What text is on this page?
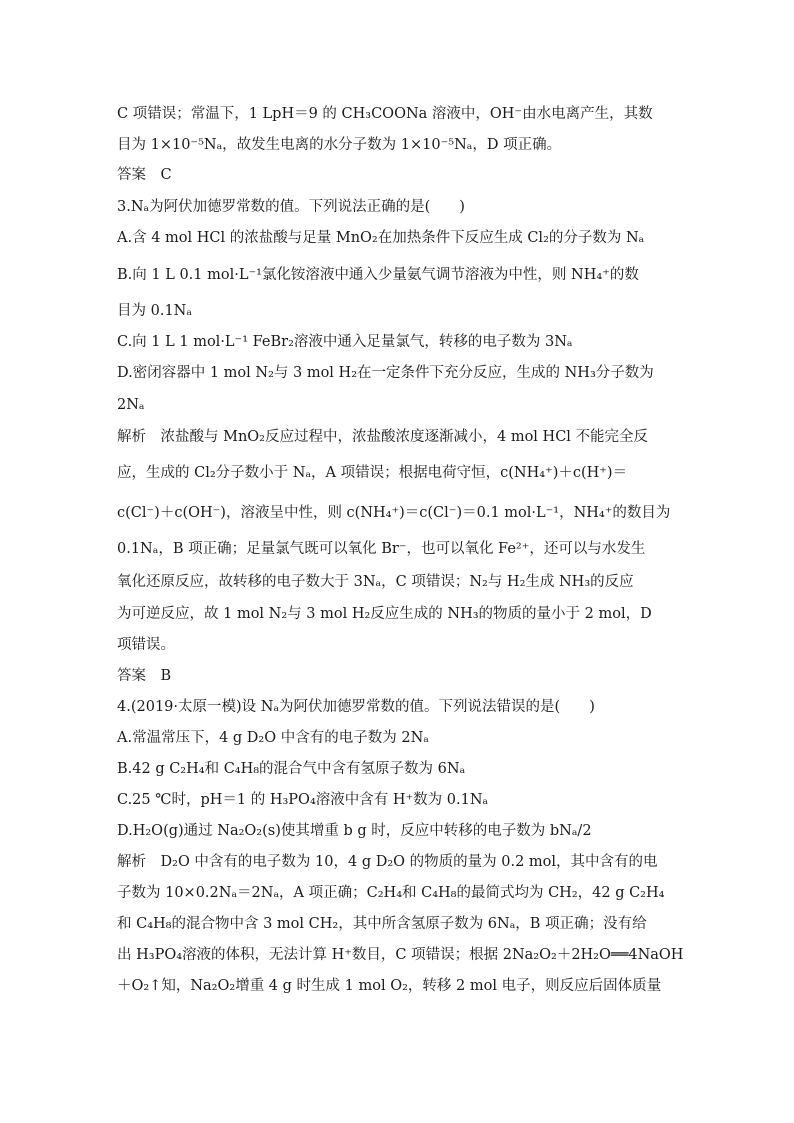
C 项错误；常温下，1 LpH＝9 的 CH₃COONa 溶液中，OH⁻由水电离产生，其数
目为 1×10⁻⁵Nₐ，故发生电离的水分子数为 1×10⁻⁵Nₐ，D 项正确。
答案　C
3.Nₐ为阿伏加德罗常数的值。下列说法正确的是(　　)
A.含 4 mol HCl 的浓盐酸与足量 MnO₂在加热条件下反应生成 Cl₂的分子数为 Nₐ
B.向 1 L 0.1 mol·L⁻¹氯化铵溶液中通入少量氨气调节溶液为中性，则 NH₄⁺的数
目为 0.1Nₐ
C.向 1 L 1 mol·L⁻¹ FeBr₂溶液中通入足量氯气，转移的电子数为 3Nₐ
D.密闭容器中 1 mol N₂与 3 mol H₂在一定条件下充分反应，生成的 NH₃分子数为
2Nₐ
解析　浓盐酸与 MnO₂反应过程中，浓盐酸浓度逐渐减小，4 mol HCl 不能完全反
应，生成的 Cl₂分子数小于 Nₐ，A 项错误；根据电荷守恒，c(NH₄⁺)＋c(H⁺)＝
c(Cl⁻)＋c(OH⁻)，溶液呈中性，则 c(NH₄⁺)＝c(Cl⁻)＝0.1 mol·L⁻¹，NH₄⁺的数目为
0.1Nₐ，B 项正确；足量氯气既可以氧化 Br⁻，也可以氧化 Fe²⁺，还可以与水发生
氧化还原反应，故转移的电子数大于 3Nₐ，C 项错误；N₂与 H₂生成 NH₃的反应
为可逆反应，故 1 mol N₂与 3 mol H₂反应生成的 NH₃的物质的量小于 2 mol，D
项错误。
答案　B
4.(2019·太原一模)设 Nₐ为阿伏加德罗常数的值。下列说法错误的是(　　)
A.常温常压下，4 g D₂O 中含有的电子数为 2Nₐ
B.42 g C₂H₄和 C₄H₈的混合气中含有氢原子数为 6Nₐ
C.25 ℃时，pH＝1 的 H₃PO₄溶液中含有 H⁺数为 0.1Nₐ
D.H₂O(g)通过 Na₂O₂(s)使其增重 b g 时，反应中转移的电子数为 bNₐ/2
解析　D₂O 中含有的电子数为 10，4 g D₂O 的物质的量为 0.2 mol，其中含有的电
子数为 10×0.2Nₐ＝2Nₐ，A 项正确；C₂H₄和 C₄H₈的最简式均为 CH₂，42 g C₂H₄
和 C₄H₈的混合物中含 3 mol CH₂，其中所含氢原子数为 6Nₐ，B 项正确；没有给
出 H₃PO₄溶液的体积，无法计算 H⁺数目，C 项错误；根据 2Na₂O₂＋2H₂O══4NaOH
＋O₂↑知，Na₂O₂增重 4 g 时生成 1 mol O₂，转移 2 mol 电子，则反应后固体质量
